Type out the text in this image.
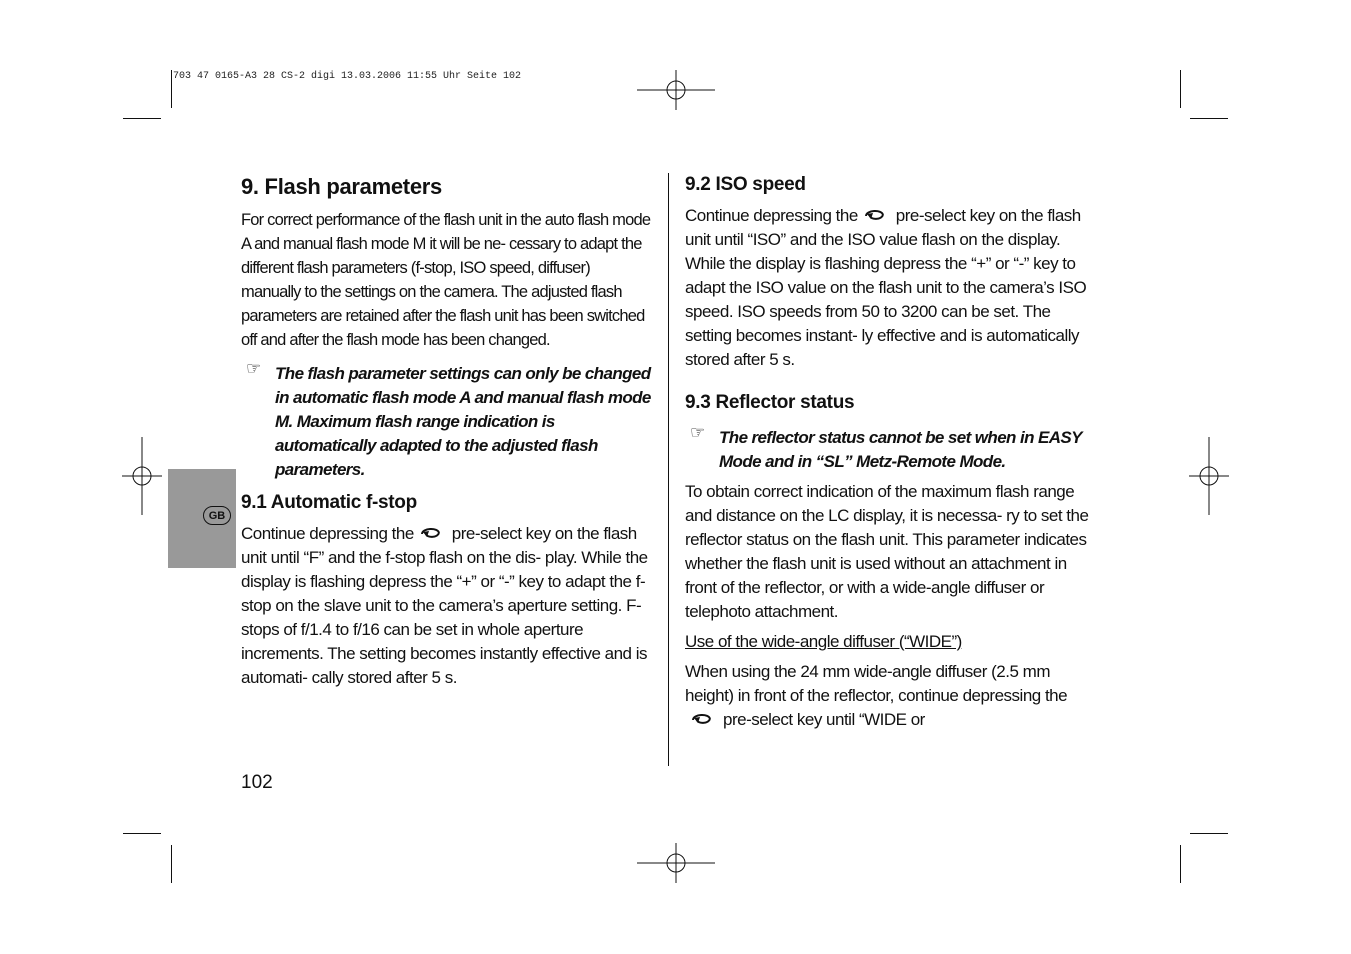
703 47 0165-A3 28 CS-2 digi 13.03.2006 11:55 Uhr Seite 102
GB
9. Flash parameters

For correct performance of the flash unit in the auto flash mode A and manual flash mode M it will be ne- cessary to adapt the different flash parameters (f-stop, ISO speed, diffuser) manually to the settings on the camera. The adjusted flash parameters are retained after the flash unit has been switched off and after the flash mode has been changed.

☞ The flash parameter settings can only be changed in automatic flash mode A and manual flash mode M. Maximum flash range indication is automatically adapted to the adjusted flash parameters.

9.1 Automatic f-stop

Continue depressing the pre-select key on the flash unit until “F” and the f-stop flash on the dis- play. While the display is flashing depress the “+” or “-” key to adapt the f-stop on the slave unit to the camera’s aperture setting. F-stops of f/1.4 to f/16 can be set in whole aperture increments. The setting becomes instantly effective and is automati- cally stored after 5 s.

9.2 ISO speed

Continue depressing the pre-select key on the flash unit until “ISO” and the ISO value flash on the display. While the display is flashing depress the “+” or “-” key to adapt the ISO value on the flash unit to the camera’s ISO speed. ISO speeds from 50 to 3200 can be set. The setting becomes instant- ly effective and is automatically stored after 5 s.

9.3 Reflector status
☞ The reflector status cannot be set when in EASY Mode and in “SL” Metz-Remote Mode.

To obtain correct indication of the maximum flash range and distance on the LC display, it is necessa- ry to set the reflector status on the flash unit. This parameter indicates whether the flash unit is used without an attachment in front of the reflector, or with a wide-angle diffuser or telephoto attachment.

Use of the wide-angle diffuser (“WIDE”)

When using the 24 mm wide-angle diffuser (2.5 mm height) in front of the reflector, continue depressing thepre-select key until “WIDE or

102
